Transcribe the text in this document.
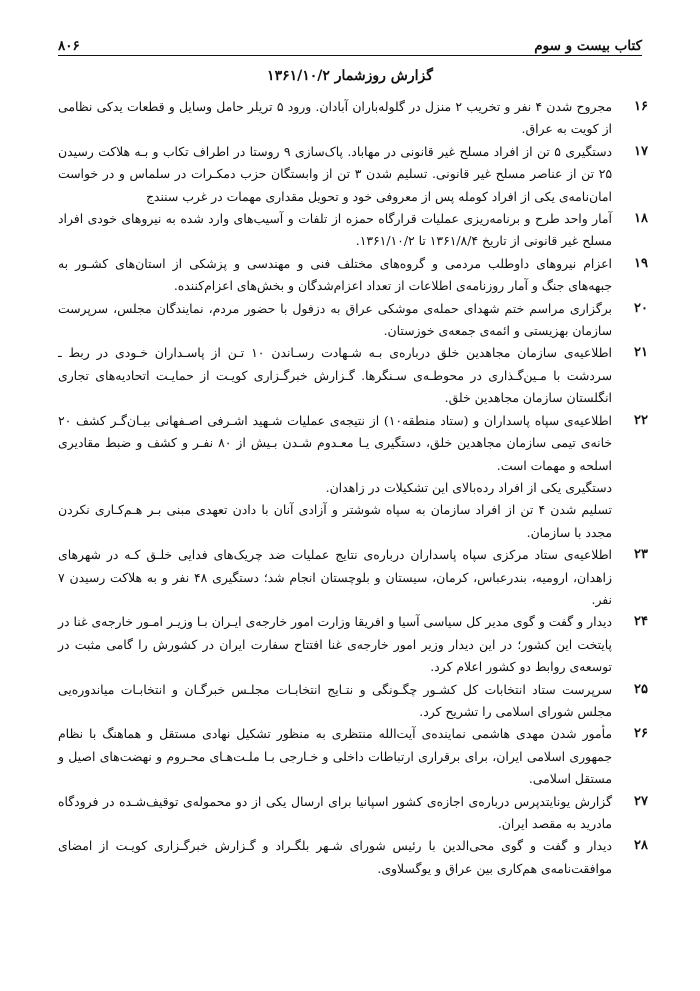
کتاب بیست و سوم
۸۰۶
گزارش روزشمار ۱۳۶۱/۱۰/۲
۱۶

مجروح شدن ۴ نفر و تخریب ۲ منزل در گلوله‌باران آبادان. ورود ۵ تریلر حامل وسایل و قطعات یدکی نظامی از کویت به عراق.

۱۷

دستگیری ۵ تن از افراد مسلح غیر قانونی در مهاباد. پاک‌سازی ۹ روستا در اطراف تکاب و بـه هلاکت رسیدن ۲۵ تن از عناصر مسلح غیر قانونی. تسلیم شدن ۳ تن از وابستگان حزب دمکـرات در سلماس و در خواست امان‌نامه‌ی یکی از افراد کومله پس از معروفی خود و تحویل مقداری مهمات در غرب سنندج

۱۸

آمار واحد طرح و برنامه‌ریزی عملیات قرارگاه حمزه از تلفات و آسیب‌های وارد شده به نیروهای خودی افراد مسلح غیر قانونی از تاریخ ۱۳۶۱/۸/۴ تا ۱۳۶۱/۱۰/۲.

۱۹

اعزام نیروهای داوطلب مردمی و گروه‌های مختلف فنی و مهندسی و پزشکی از استان‌های کشـور به جبهه‌های جنگ و آمار روزنامه‌ی اطلاعات از تعداد اعزام‌شدگان و بخش‌های اعزام‌کننده.

۲۰

برگزاری مراسم ختم شهدای حمله‌ی موشکی عراق به دزفول با حضور مردم، نمایندگان مجلس، سرپرست سازمان بهزیستی و ائمه‌ی جمعه‌ی خوزستان.

۲۱

اطلاعیه‌ی سازمان مجاهدین خلق درباره‌ی بـه شـهادت رسـاندن ۱۰ تـن از پاسـداران خـودی در ربط ـ سردشت با مـین‌گـذاری در محوطـه‌ی سـنگرها. گـزارش خبرگـزاری کویـت از حمایـت اتحادیه‌های تجاری انگلستان سازمان مجاهدین خلق.

۲۲

اطلاعیه‌ی سپاه پاسداران و (ستاد منطقه۱۰) از نتیجه‌ی عملیات شـهید اشـرفی اصـفهانی بیـان‌گـر کشف ۲۰ خانه‌ی تیمی سازمان مجاهدین خلق، دستگیری یـا معـدوم شـدن بـیش از ۸۰ نفـر و کشف و ضبط مقادیری اسلحه و مهمات است.

دستگیری یکی از افراد رده‌بالای این تشکیلات در زاهدان.

تسلیم شدن ۴ تن از افراد سازمان به سپاه شوشتر و آزادی آنان با دادن تعهدی مبنی بـر هـم‌کـاری نکردن مجدد با سازمان.

۲۳

اطلاعیه‌ی ستاد مرکزی سپاه پاسداران درباره‌ی نتایج عملیات ضد چریک‌های فدایی خلـق کـه در شهرهای زاهدان، ارومیه، بندرعباس، کرمان، سیستان و بلوچستان انجام شد؛ دستگیری ۴۸ نفر و به هلاکت رسیدن ۷ نفر.

۲۴

دیدار و گفت و گوی مدیر کل سیاسی آسیا و افریقا وزارت امور خارجه‌ی ایـران بـا وزیـر امـور خارجه‌ی غنا در پایتخت این کشور؛ در این دیدار وزیر امور خارجه‌ی غنا افتتاح سفارت ایران در کشورش را گامی مثبت در توسعه‌ی روابط دو کشور اعلام کرد.

۲۵

سرپرست ستاد انتخابات کل کشـور چگـونگی و نتـایج انتخابـات مجلـس خبرگـان و انتخابـات میاندوره‌یی مجلس شورای اسلامی را تشریح کرد.

۲۶

مأمور شدن مهدی هاشمی نماینده‌ی آیت‌الله منتظری به منظور تشکیل نهادی مستقل و هماهنگ با نظام جمهوری اسلامی ایران، برای برقراری ارتباطات داخلی و خـارجی بـا ملـت‌هـای محـروم و نهضت‌های اصیل و مستقل اسلامی.

۲۷

گزارش یونایتدپرس درباره‌ی اجازه‌ی کشور اسپانیا برای ارسال یکی از دو محموله‌ی توقیف‌شـده در فرودگاه مادرید به مقصد ایران.

۲۸

دیدار و گفت و گوی محی‌الدین با رئیس شورای شـهر بلگـراد و گـزارش خبرگـزاری کویـت از امضای موافقت‌نامه‌ی هم‌کاری بین عراق و یوگسلاوی.
